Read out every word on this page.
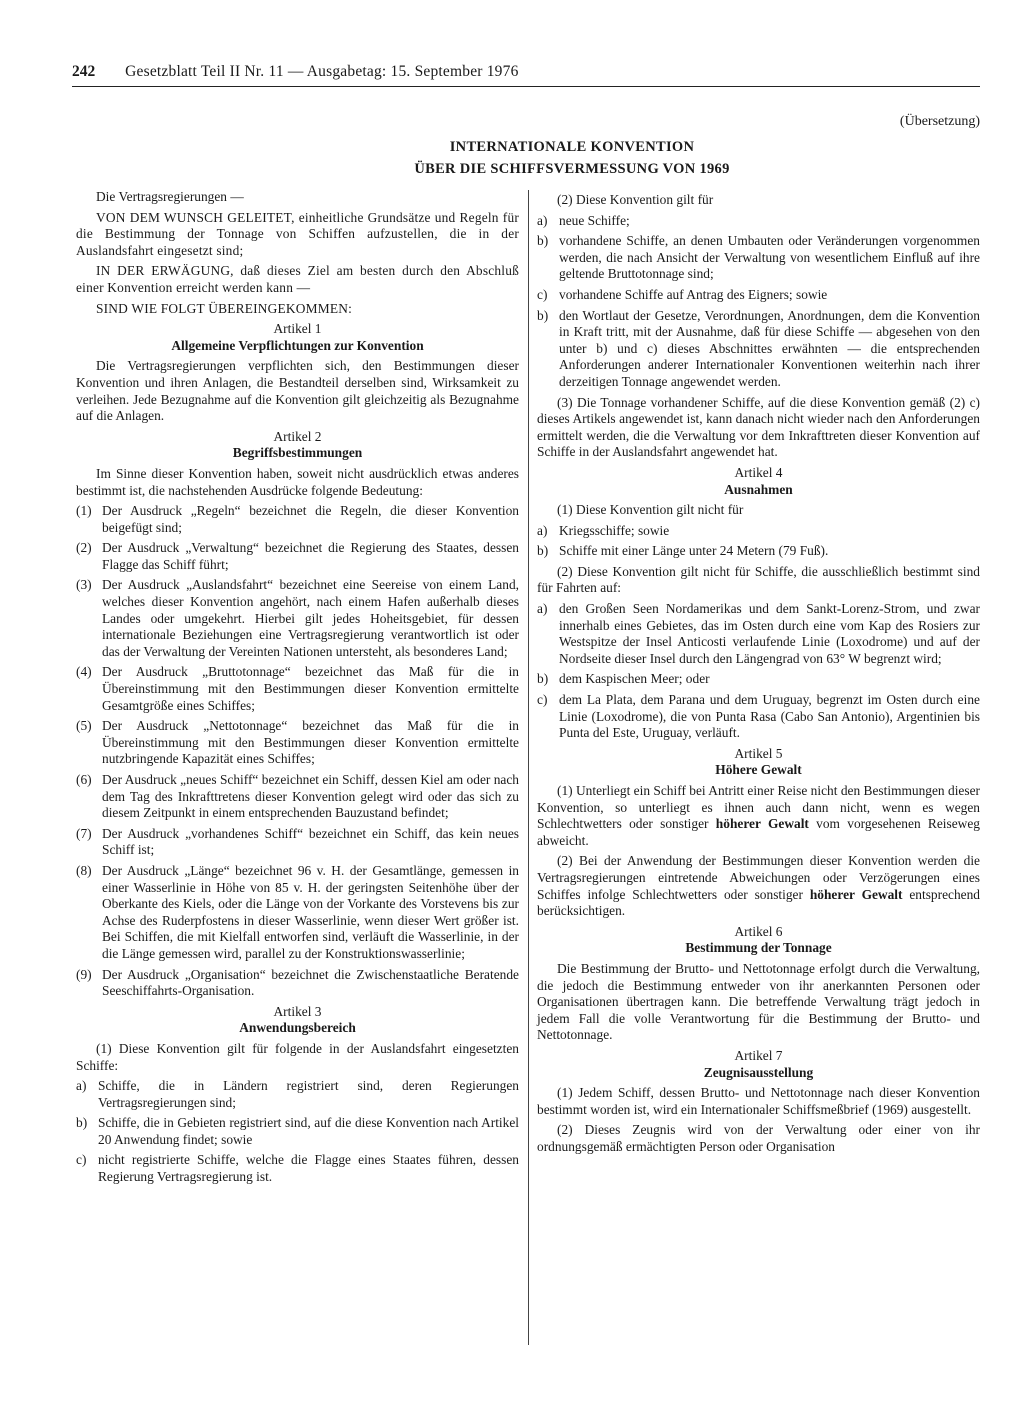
242 Gesetzblatt Teil II Nr. 11 — Ausgabetag: 15. September 1976
(Übersetzung)
INTERNATIONALE KONVENTION
ÜBER DIE SCHIFFSVERMESSUNG VON 1969

Die Vertragsregierungen —

VON DEM WUNSCH GELEITET, einheitliche Grundsätze und Regeln für die Bestimmung der Tonnage von Schiffen aufzustellen, die in der Auslandsfahrt eingesetzt sind;

IN DER ERWÄGUNG, daß dieses Ziel am besten durch den Abschluß einer Konvention erreicht werden kann —

SIND WIE FOLGT ÜBEREINGEKOMMEN:

Artikel 1
Allgemeine Verpflichtungen zur Konvention

Die Vertragsregierungen verpflichten sich, den Bestimmungen dieser Konvention und ihren Anlagen, die Bestandteil derselben sind, Wirksamkeit zu verleihen. Jede Bezugnahme auf die Konvention gilt gleichzeitig als Bezugnahme auf die Anlagen.

Artikel 2
Begriffsbestimmungen

Im Sinne dieser Konvention haben, soweit nicht ausdrücklich etwas anderes bestimmt ist, die nachstehenden Ausdrücke folgende Bedeutung:

(1) Der Ausdruck „Regeln“ bezeichnet die Regeln, die dieser Konvention beigefügt sind;
(2) Der Ausdruck „Verwaltung“ bezeichnet die Regierung des Staates, dessen Flagge das Schiff führt;
(3) Der Ausdruck „Auslandsfahrt“ bezeichnet eine Seereise von einem Land, welches dieser Konvention angehört, nach einem Hafen außerhalb dieses Landes oder umgekehrt. Hierbei gilt jedes Hoheitsgebiet, für dessen internationale Beziehungen eine Vertragsregierung verantwortlich ist oder das der Verwaltung der Vereinten Nationen untersteht, als besonderes Land;
(4) Der Ausdruck „Bruttotonnage“ bezeichnet das Maß für die in Übereinstimmung mit den Bestimmungen dieser Konvention ermittelte Gesamtgröße eines Schiffes;
(5) Der Ausdruck „Nettotonnage“ bezeichnet das Maß für die in Übereinstimmung mit den Bestimmungen dieser Konvention ermittelte nutzbringende Kapazität eines Schiffes;
(6) Der Ausdruck „neues Schiff“ bezeichnet ein Schiff, dessen Kiel am oder nach dem Tag des Inkrafttretens dieser Konvention gelegt wird oder das sich zu diesem Zeitpunkt in einem entsprechenden Bauzustand befindet;
(7) Der Ausdruck „vorhandenes Schiff“ bezeichnet ein Schiff, das kein neues Schiff ist;
(8) Der Ausdruck „Länge“ bezeichnet 96 v. H. der Gesamtlänge, gemessen in einer Wasserlinie in Höhe von 85 v. H. der geringsten Seitenhöhe über der Oberkante des Kiels, oder die Länge von der Vorkante des Vorstevens bis zur Achse des Ruderpfostens in dieser Wasserlinie, wenn dieser Wert größer ist. Bei Schiffen, die mit Kielfall entworfen sind, verläuft die Wasserlinie, in der die Länge gemessen wird, parallel zu der Konstruktionswasserlinie;
(9) Der Ausdruck „Organisation“ bezeichnet die Zwischenstaatliche Beratende Seeschiffahrts-Organisation.
Artikel 3
Anwendungsbereich

(1) Diese Konvention gilt für folgende in der Auslandsfahrt eingesetzten Schiffe:

a) Schiffe, die in Ländern registriert sind, deren Regierungen Vertragsregierungen sind;
b) Schiffe, die in Gebieten registriert sind, auf die diese Konvention nach Artikel 20 Anwendung findet; sowie
c) nicht registrierte Schiffe, welche die Flagge eines Staates führen, dessen Regierung Vertragsregierung ist.

(2) Diese Konvention gilt für

a) neue Schiffe;
b) vorhandene Schiffe, an denen Umbauten oder Veränderungen vorgenommen werden, die nach Ansicht der Verwaltung von wesentlichem Einfluß auf ihre geltende Bruttotonnage sind;
c) vorhandene Schiffe auf Antrag des Eigners; sowie
b) den Wortlaut der Gesetze, Verordnungen, Anordnungen, dem die Konvention in Kraft tritt, mit der Ausnahme, daß für diese Schiffe — abgesehen von den unter b) und c) dieses Abschnittes erwähnten — die entsprechenden Anforderungen anderer Internationaler Konventionen weiterhin nach ihrer derzeitigen Tonnage angewendet werden.

(3) Die Tonnage vorhandener Schiffe, auf die diese Konvention gemäß (2) c) dieses Artikels angewendet ist, kann danach nicht wieder nach den Anforderungen ermittelt werden, die die Verwaltung vor dem Inkrafttreten dieser Konvention auf Schiffe in der Auslandsfahrt angewendet hat.

Artikel 4
Ausnahmen

(1) Diese Konvention gilt nicht für

a) Kriegsschiffe; sowie
b) Schiffe mit einer Länge unter 24 Metern (79 Fuß).

(2) Diese Konvention gilt nicht für Schiffe, die ausschließlich bestimmt sind für Fahrten auf:

a) den Großen Seen Nordamerikas und dem Sankt-Lorenz-Strom, und zwar innerhalb eines Gebietes, das im Osten durch eine vom Kap des Rosiers zur Westspitze der Insel Anticosti verlaufende Linie (Loxodrome) und auf der Nordseite dieser Insel durch den Längengrad von 63° W begrenzt wird;
b) dem Kaspischen Meer; oder
c) dem La Plata, dem Parana und dem Uruguay, begrenzt im Osten durch eine Linie (Loxodrome), die von Punta Rasa (Cabo San Antonio), Argentinien bis Punta del Este, Uruguay, verläuft.
Artikel 5
Höhere Gewalt

(1) Unterliegt ein Schiff bei Antritt einer Reise nicht den Bestimmungen dieser Konvention, so unterliegt es ihnen auch dann nicht, wenn es wegen Schlechtwetters oder sonstiger höherer Gewalt vom vorgesehenen Reiseweg abweicht.

(2) Bei der Anwendung der Bestimmungen dieser Konvention werden die Vertragsregierungen eintretende Abweichungen oder Verzögerungen eines Schiffes infolge Schlechtwetters oder sonstiger höherer Gewalt entsprechend berücksichtigen.

Artikel 6
Bestimmung der Tonnage

Die Bestimmung der Brutto- und Nettotonnage erfolgt durch die Verwaltung, die jedoch die Bestimmung entweder von ihr anerkannten Personen oder Organisationen übertragen kann. Die betreffende Verwaltung trägt jedoch in jedem Fall die volle Verantwortung für die Bestimmung der Brutto- und Nettotonnage.

Artikel 7
Zeugnisausstellung

(1) Jedem Schiff, dessen Brutto- und Nettotonnage nach dieser Konvention bestimmt worden ist, wird ein Internationaler Schiffsmeßbrief (1969) ausgestellt.

(2) Dieses Zeugnis wird von der Verwaltung oder einer von ihr ordnungsgemäß ermächtigten Person oder Organisation
